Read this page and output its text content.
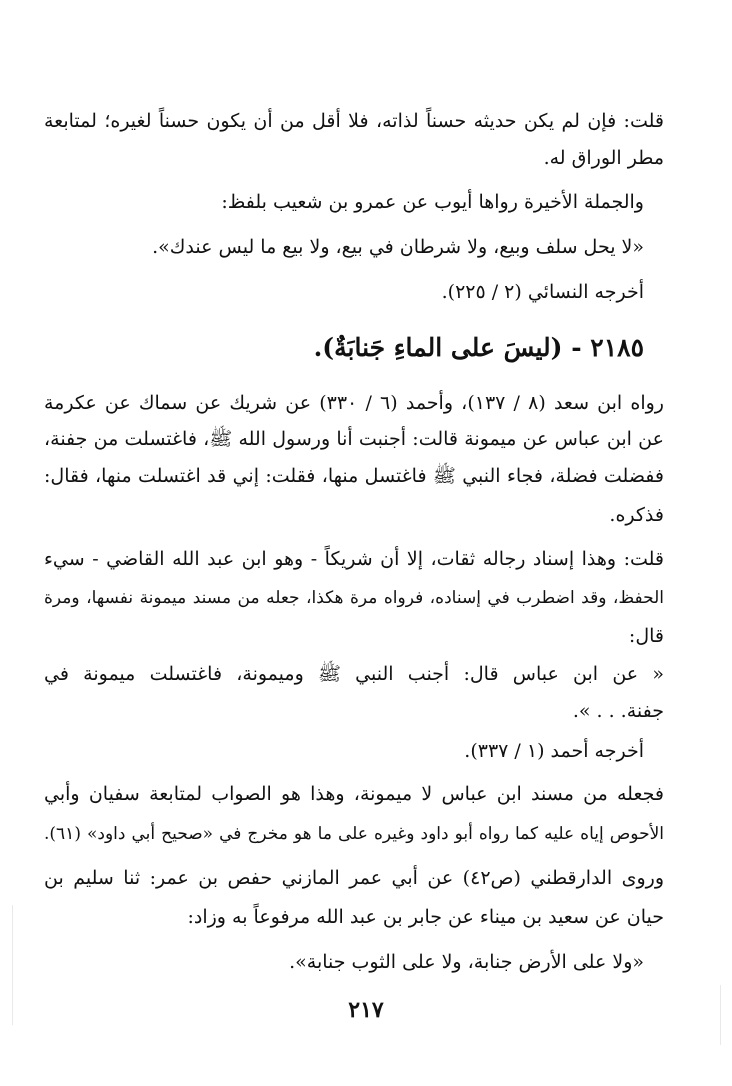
قلت: فإن لم يكن حديثه حسناً لذاته، فلا أقل من أن يكون حسناً لغيره؛ لمتابعة
مطر الوراق له.
والجملة الأخيرة رواها أيوب عن عمرو بن شعيب بلفظ:
«لا يحل سلف وبيع، ولا شرطان في بيع، ولا بيع ما ليس عندك».
أخرجه النسائي (٢ / ٢٢٥).
٢١٨٥ - (ليسَ على الماءِ جَنابَةٌ).
رواه ابن سعد (٨ / ١٣٧)، وأحمد (٦ / ٣٣٠) عن شريك عن سماك عن عكرمة
عن ابن عباس عن ميمونة قالت: أجنبت أنا ورسول الله ﷺ، فاغتسلت من جفنة،
ففضلت فضلة، فجاء النبي ﷺ فاغتسل منها، فقلت: إني قد اغتسلت منها، فقال:
فذكره.
قلت: وهذا إسناد رجاله ثقات، إلا أن شريكاً - وهو ابن عبد الله القاضي - سيء
الحفظ، وقد اضطرب في إسناده، فرواه مرة هكذا، جعله من مسند ميمونة نفسها، ومرة
قال:
« عن ابن عباس قال: أجنب النبي ﷺ وميمونة، فاغتسلت ميمونة في
جفنة. . . ».
أخرجه أحمد (١ / ٣٣٧).
فجعله من مسند ابن عباس لا ميمونة، وهذا هو الصواب لمتابعة سفيان وأبي
الأحوص إياه عليه كما رواه أبو داود وغيره على ما هو مخرج في «صحيح أبي داود» (٦١).
وروى الدارقطني (ص٤٢) عن أبي عمر المازني حفص بن عمر: ثنا سليم بن
حيان عن سعيد بن ميناء عن جابر بن عبد الله مرفوعاً به وزاد:
«ولا على الأرض جنابة، ولا على الثوب جنابة».
٢١٧
